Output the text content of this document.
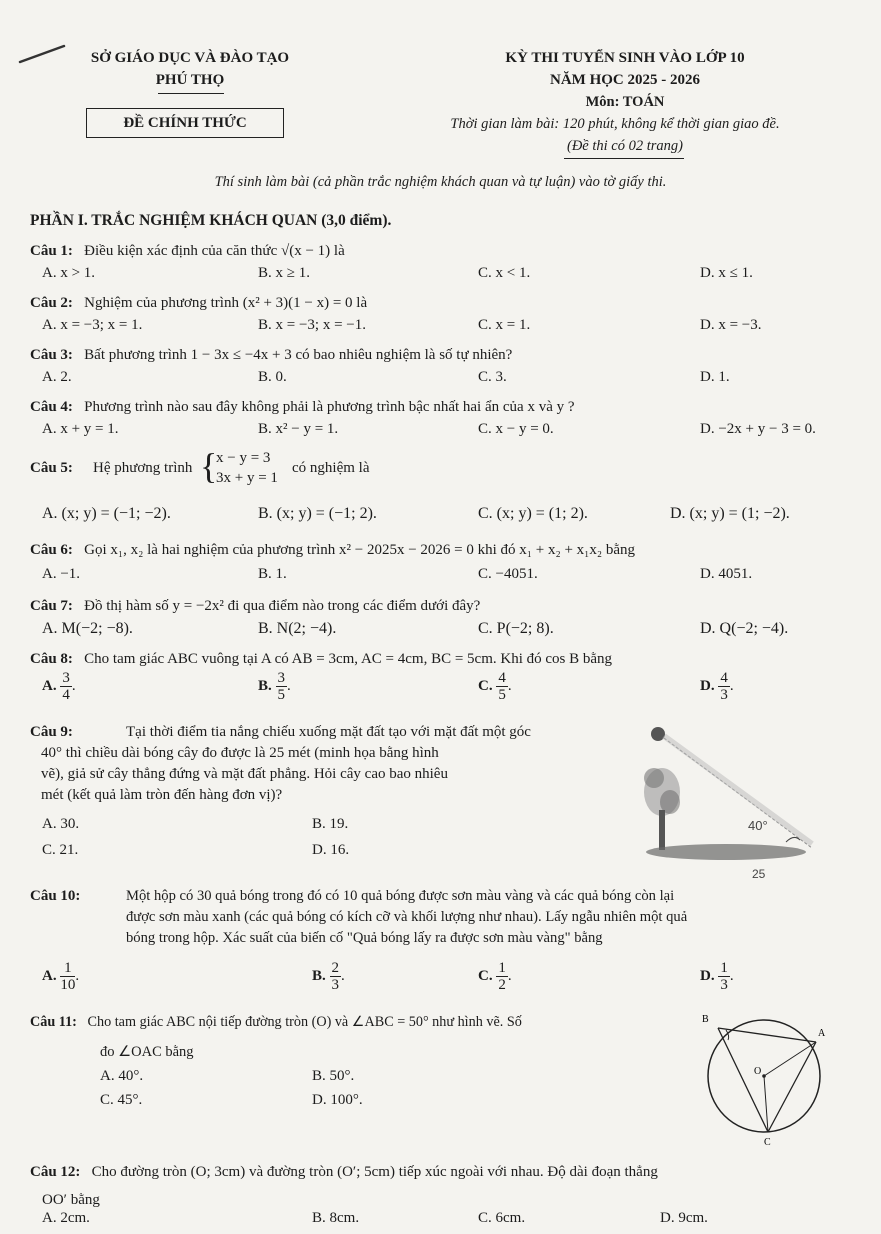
SỞ GIÁO DỤC VÀ ĐÀO TẠO
PHÚ THỌ
ĐỀ CHÍNH THỨC
KỲ THI TUYỂN SINH VÀO LỚP 10
NĂM HỌC 2025 - 2026
Môn: TOÁN
Thời gian làm bài: 120 phút, không kể thời gian giao đề.
(Đề thi có 02 trang)
Thí sinh làm bài (cả phần trắc nghiệm khách quan và tự luận) vào tờ giấy thi.
PHẦN I. TRẮC NGHIỆM KHÁCH QUAN (3,0 điểm).
Câu 1: Điều kiện xác định của căn thức √(x − 1) là
A. x > 1.	B. x ≥ 1.	C. x < 1.	D. x ≤ 1.
Câu 2: Nghiệm của phương trình (x² + 3)(1 − x) = 0 là
A. x = −3; x = 1.	B. x = −3; x = −1.	C. x = 1.	D. x = −3.
Câu 3: Bất phương trình 1 − 3x ≤ −4x + 3 có bao nhiêu nghiệm là số tự nhiên?
A. 2.	B. 0.	C. 3.	D. 1.
Câu 4: Phương trình nào sau đây không phải là phương trình bậc nhất hai ẩn của x và y ?
A. x + y = 1.	B. x² − y = 1.	C. x − y = 0.	D. −2x + y − 3 = 0.
Câu 5: Hệ phương trình {
x − y = 3
3x + y = 1
có nghiệm là
A. (x; y) = (−1; −2).	B. (x; y) = (−1; 2).	C. (x; y) = (1; 2).	D. (x; y) = (1; −2).
Câu 6: Gọi x₁, x₂ là hai nghiệm của phương trình x² − 2025x − 2026 = 0 khi đó x₁ + x₂ + x₁x₂ bằng
A. −1.	B. 1.	C. −4051.	D. 4051.
Câu 7: Đồ thị hàm số y = −2x² đi qua điểm nào trong các điểm dưới đây?
A. M(−2; −8).	B. N(2; −4).	C. P(−2; 8).	D. Q(−2; −4).
Câu 8: Cho tam giác ABC vuông tại A có AB = 3cm, AC = 4cm, BC = 5cm. Khi đó cos B bằng
A. $\frac{3}{4}$ .	B. $\frac{3}{5}$ .	C. $\frac{4}{5}$ .	D. $\frac{4}{3}$ .
Câu 9:	Tại thời điểm tia nắng chiếu xuống mặt đất tạo với mặt đất một góc
40° thì chiều dài bóng cây đo được là 25 mét (minh họa bằng hình
vẽ), giả sử cây thẳng đứng và mặt đất phẳng. Hỏi cây cao bao nhiêu
mét (kết quả làm tròn đến hàng đơn vị)?
A. 30.	B. 19.
C. 21.	D. 16.
40°
25
Câu 10:	Một hộp có 30 quả bóng trong đó có 10 quả bóng được sơn màu vàng và các quả bóng còn lại
được sơn màu xanh (các quả bóng có kích cỡ và khối lượng như nhau). Lấy ngẫu nhiên một quả
bóng trong hộp. Xác suất của biến cố "Quả bóng lấy ra được sơn màu vàng" bằng
A. $\frac{1}{10}$ .	B. $\frac{2}{3}$ .	C. $\frac{1}{2}$ .	D. $\frac{1}{3}$ .
Câu 11: Cho tam giác ABC nội tiếp đường tròn (O) và ∠ABC = 50° như hình vẽ. Số
đo ∠OAC bằng
A. 40°.	B. 50°.
C. 45°.	D. 100°.
B
A
O
C
Câu 12: Cho đường tròn (O; 3cm) và đường tròn (O′; 5cm) tiếp xúc ngoài với nhau. Độ dài đoạn thẳng
OO′ bằng
A. 2cm.	B. 8cm.	C. 6cm.	D. 9cm.
